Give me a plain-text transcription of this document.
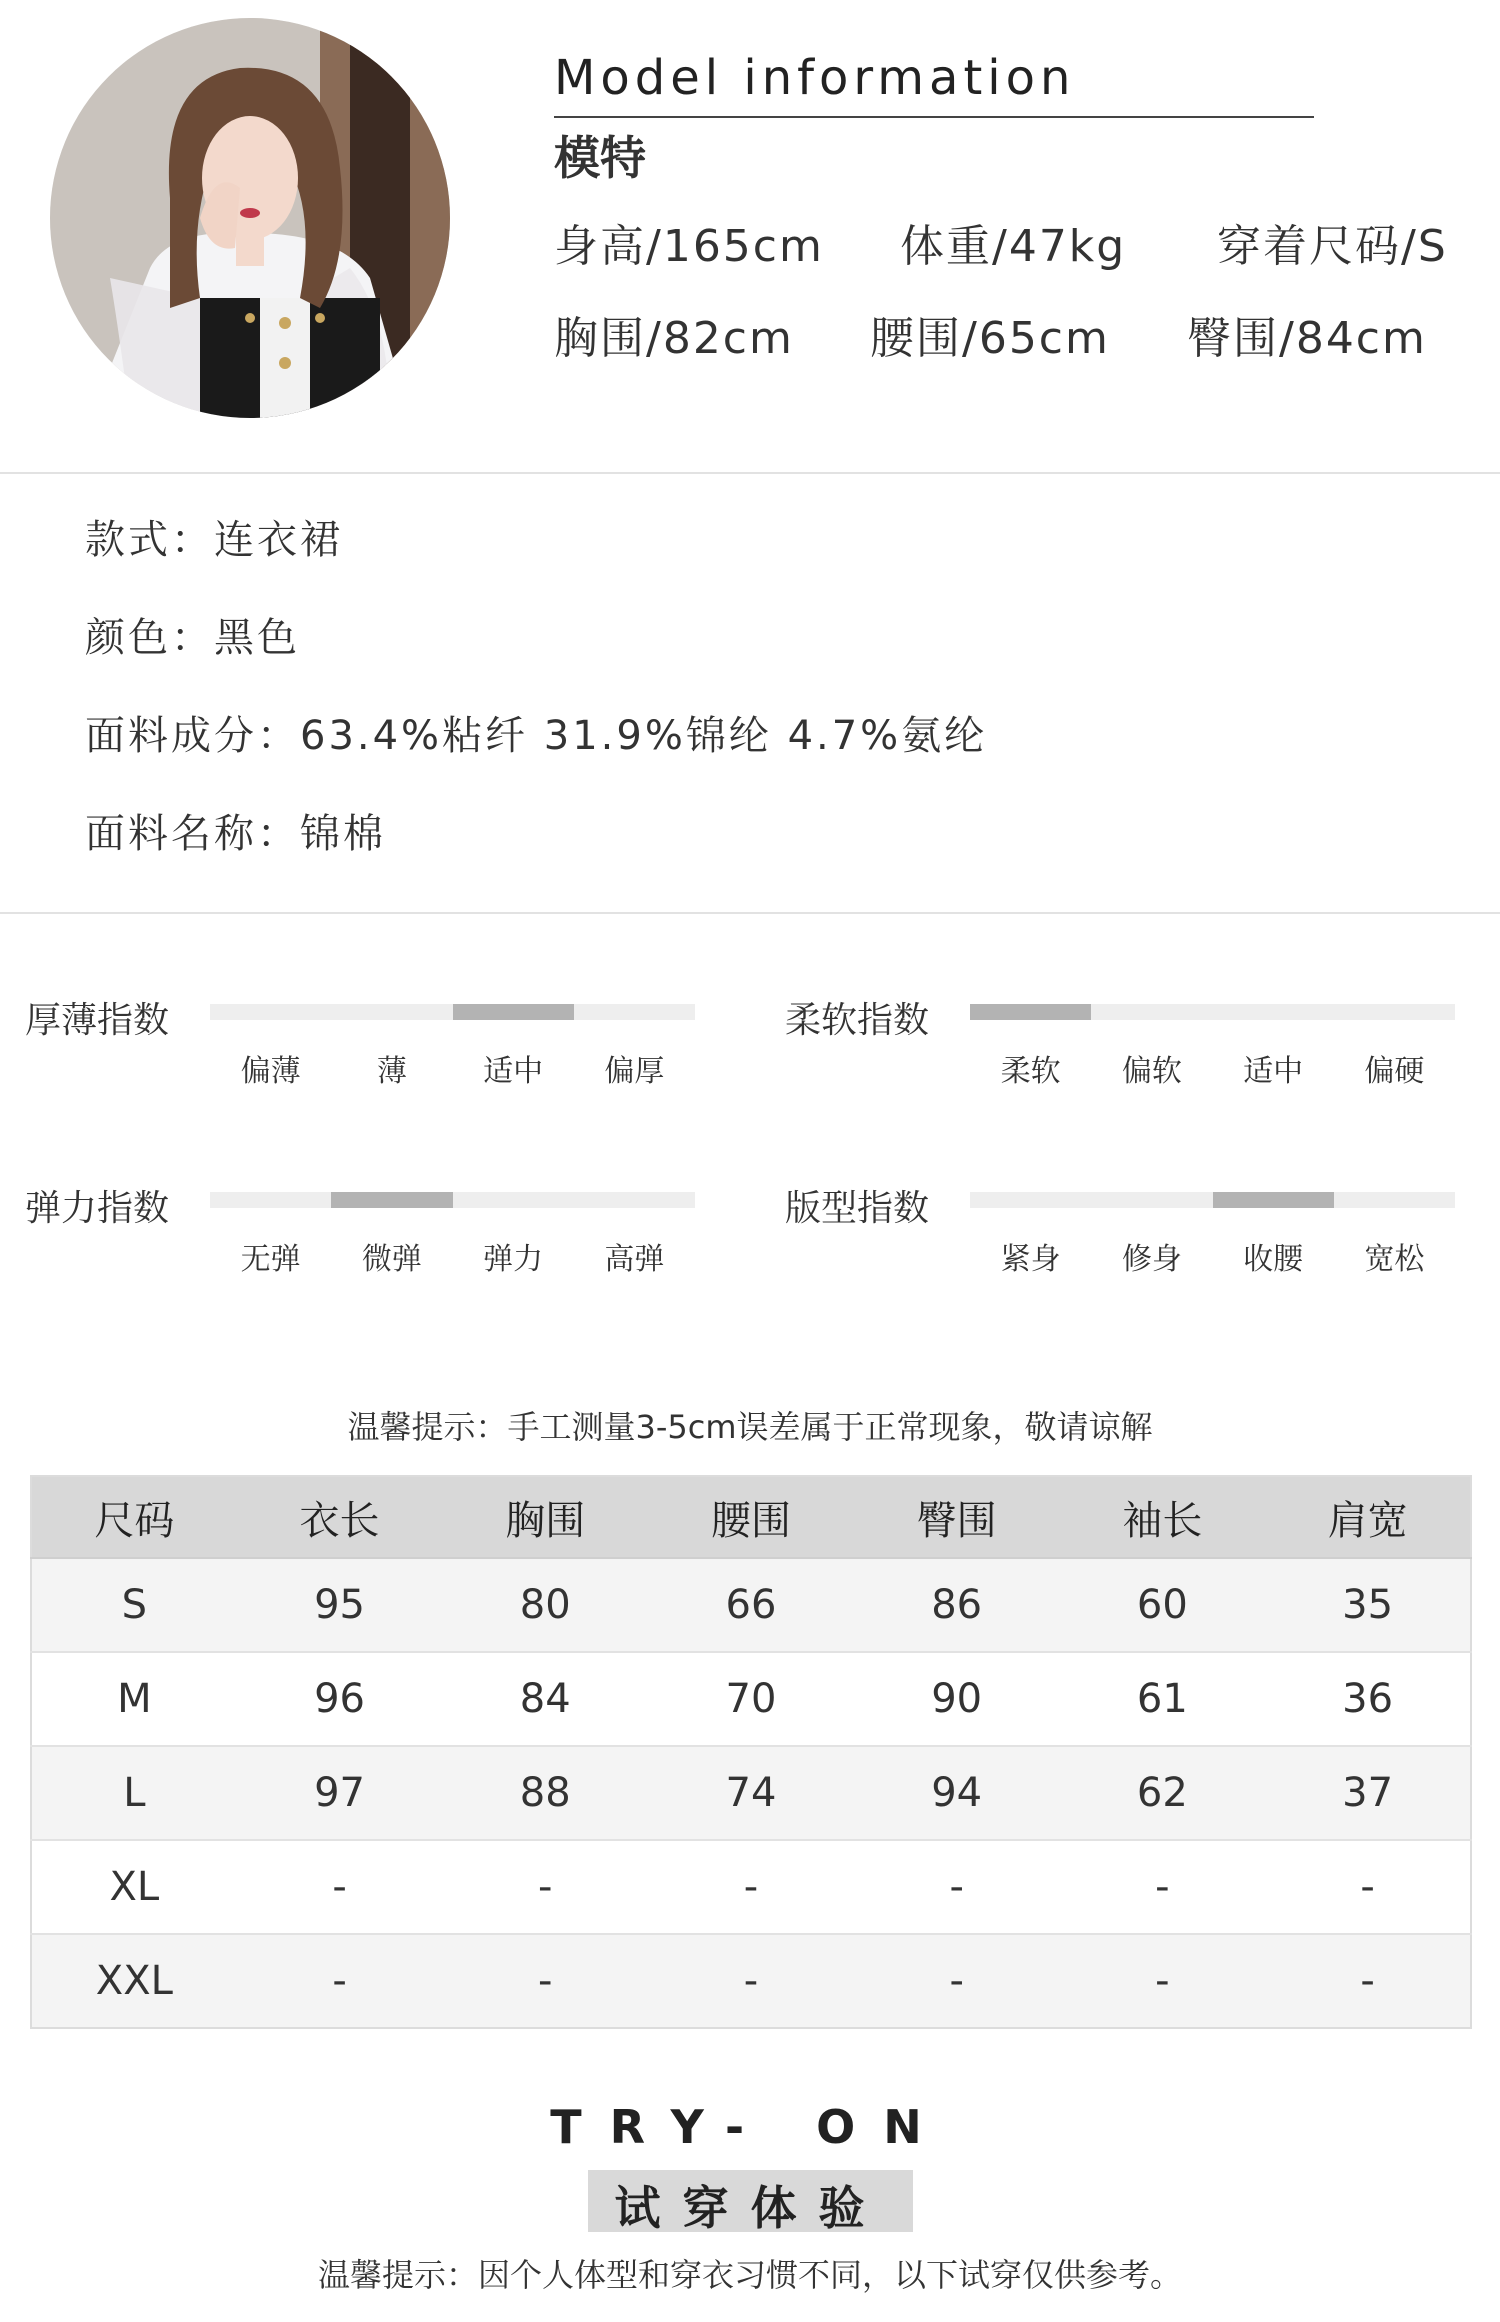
Model information
模特
身高/165cm 体重/47kg 穿着尺码/S
胸围/82cm 腰围/65cm 臀围/84cm
款式：连衣裙
颜色：黑色
面料成分：63.4%粘纤 31.9%锦纶 4.7%氨纶
面料名称：锦棉
厚薄指数
偏薄	薄	适中	偏厚
柔软指数
柔软	偏软	适中	偏硬
弹力指数
无弹	微弹	弹力	高弹
版型指数
紧身	修身	收腰	宽松
温馨提示：手工测量3-5cm误差属于正常现象，敬请谅解
尺码	衣长	胸围	腰围	臀围	袖长	肩宽
S	95	80	66	86	60	35
M	96	84	70	90	61	36
L	97	88	74	94	62	37
XL	-	-	-	-	-	-
XXL	-	-	-	-	-	-
TRY- ON
试穿体验
温馨提示：因个人体型和穿衣习惯不同，以下试穿仅供参考。
